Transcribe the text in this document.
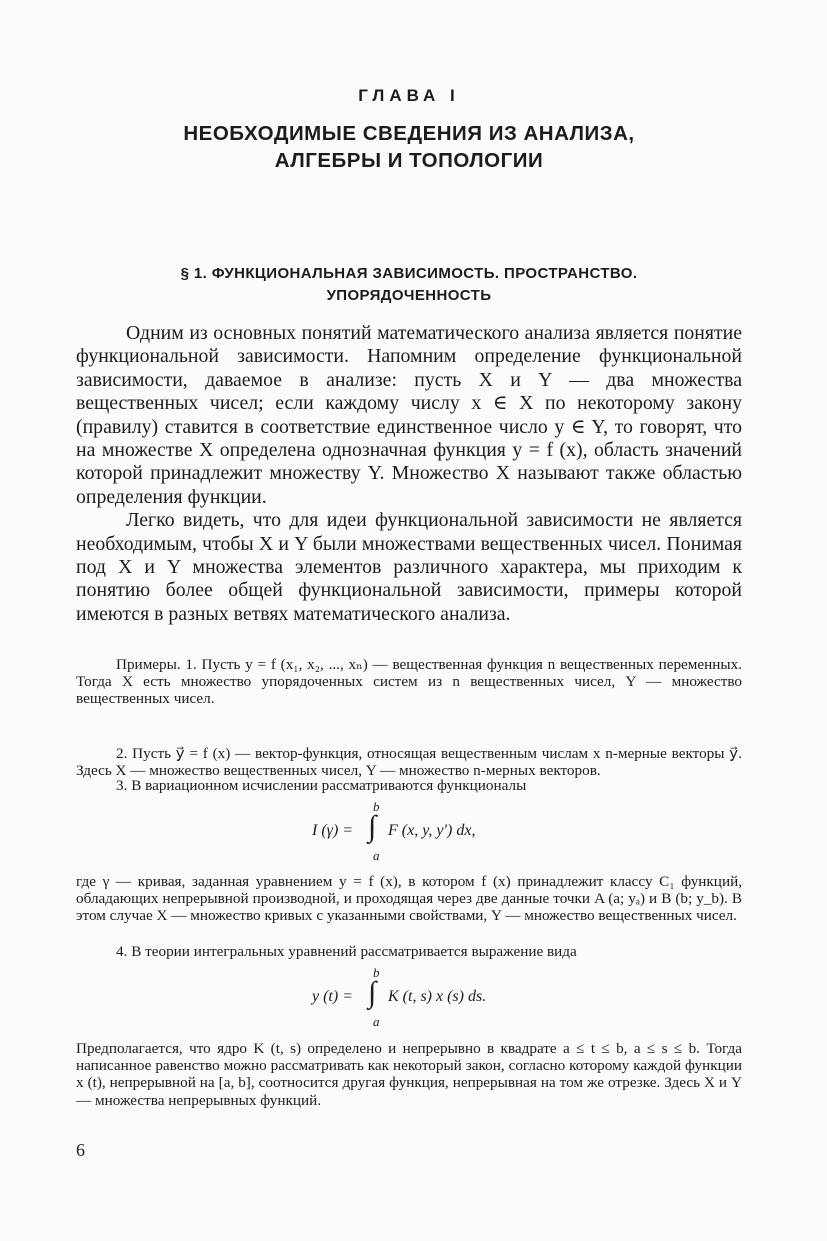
ГЛАВА I
НЕОБХОДИМЫЕ СВЕДЕНИЯ ИЗ АНАЛИЗА,
АЛГЕБРЫ И ТОПОЛОГИИ
§ 1. ФУНКЦИОНАЛЬНАЯ ЗАВИСИМОСТЬ. ПРОСТРАНСТВО.
УПОРЯДОЧЕННОСТЬ

Одним из основных понятий математического анализа является понятие функциональной зависимости. Напомним определение функциональной зависимости, даваемое в анализе: пусть X и Y — два множества вещественных чисел; если каждому числу x ∈ X по некоторому закону (правилу) ставится в соответствие единственное число y ∈ Y, то говорят, что на множестве X определена однозначная функция y = f (x), область значений которой принадлежит множеству Y. Множество X называют также областью определения функции.

Легко видеть, что для идеи функциональной зависимости не является необходимым, чтобы X и Y были множествами вещественных чисел. Понимая под X и Y множества элементов различного характера, мы приходим к понятию более общей функциональной зависимости, примеры которой имеются в разных ветвях математического анализа.

Примеры. 1. Пусть y = f (x₁, x₂, ..., xₙ) — вещественная функция n вещественных переменных. Тогда X есть множество упорядоченных систем из n вещественных чисел, Y — множество вещественных чисел.

2. Пусть y⃗ = f (x) — вектор-функция, относящая вещественным числам x n-мерные векторы y⃗. Здесь X — множество вещественных чисел, Y — множество n-мерных векторов.

3. В вариационном исчислении рассматриваются функционалы

I (γ) =
b
∫
a
F (x, y, y′) dx,

где γ — кривая, заданная уравнением y = f (x), в котором f (x) принадлежит классу C₁ функций, обладающих непрерывной производной, и проходящая через две данные точки A (a; yₐ) и B (b; y_b). В этом случае X — множество кривых с указанными свойствами, Y — множество вещественных чисел.

4. В теории интегральных уравнений рассматривается выражение вида

y (t) =
b
∫
a
K (t, s) x (s) ds.

Предполагается, что ядро K (t, s) определено и непрерывно в квадрате a ≤ t ≤ b, a ≤ s ≤ b. Тогда написанное равенство можно рассматривать как некоторый закон, согласно которому каждой функции x (t), непрерывной на [a, b], соотносится другая функция, непрерывная на том же отрезке. Здесь X и Y — множества непрерывных функций.

6
